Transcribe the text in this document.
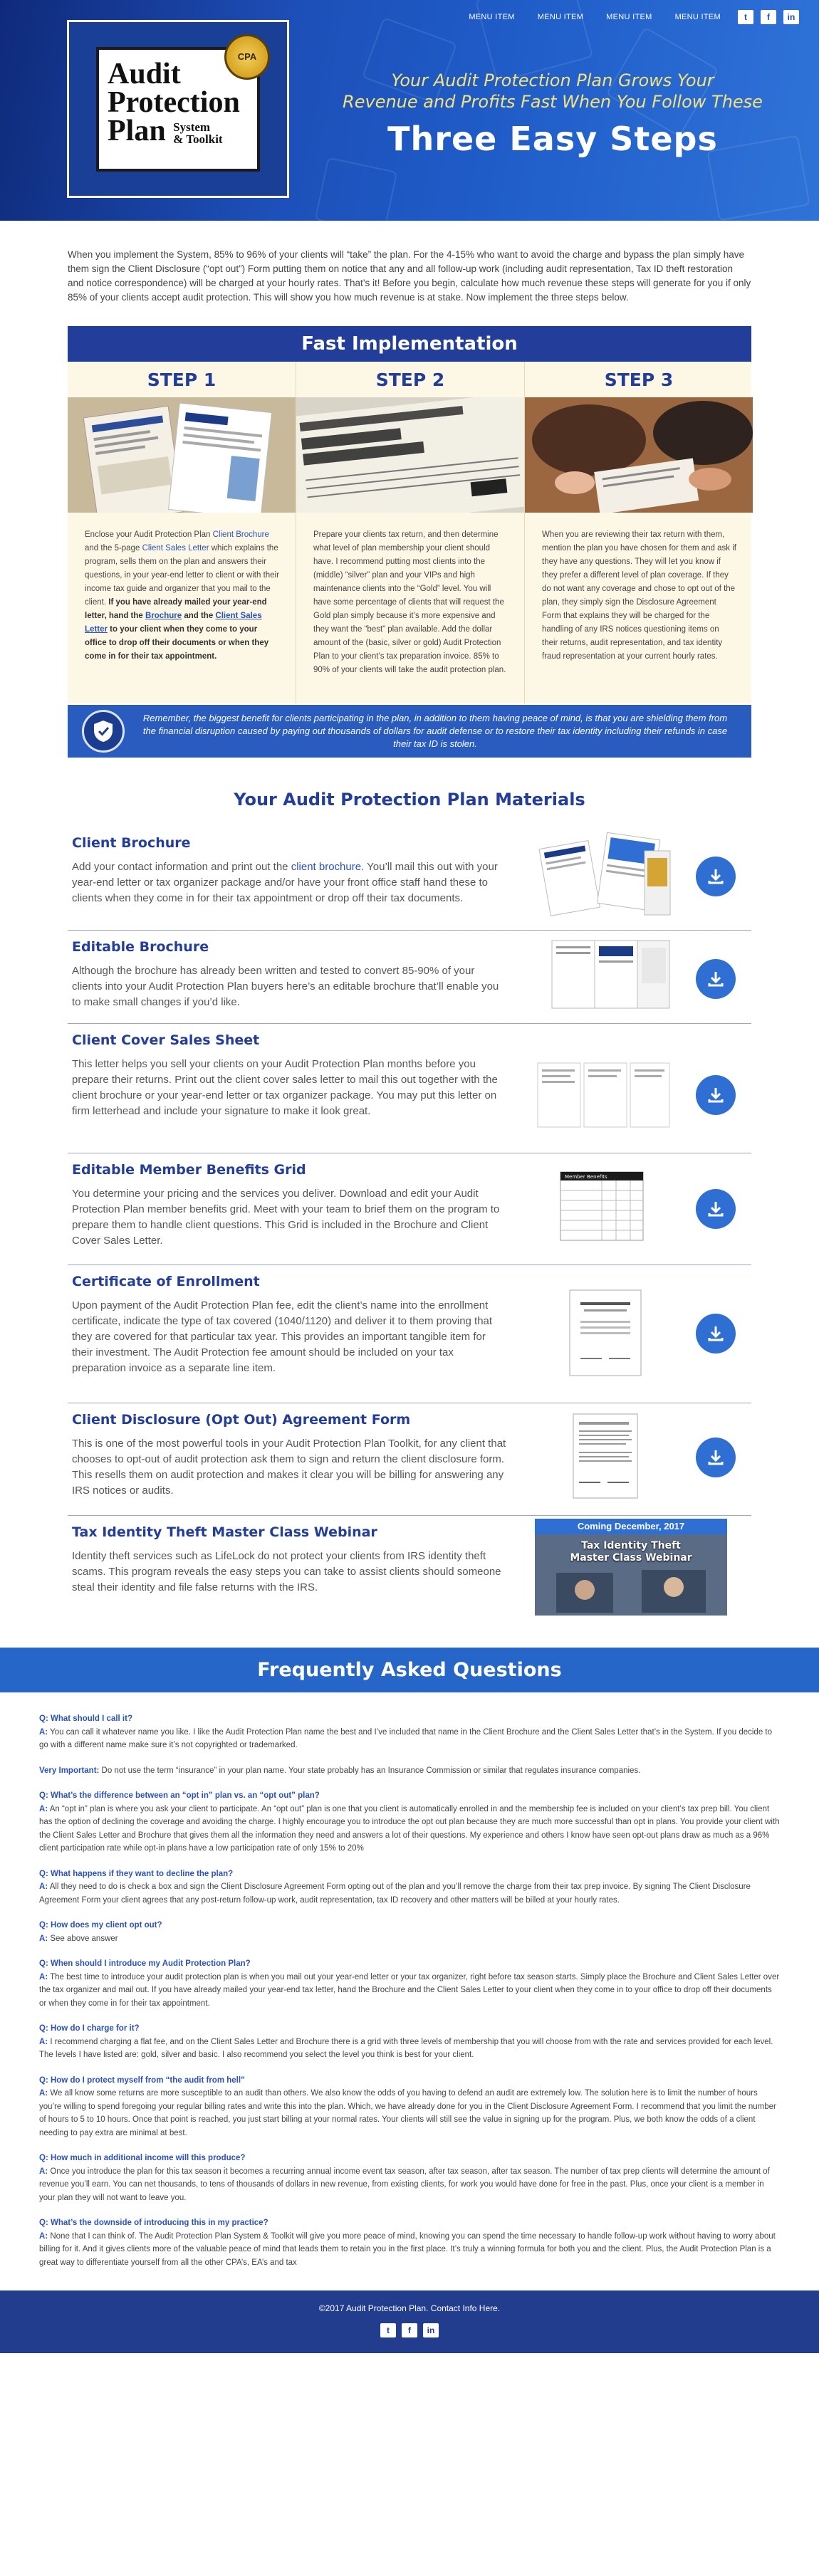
MENU ITEM	MENU ITEM	MENU ITEM	MENU ITEM	t	f	in
Audit
Protection
Plan System
& Toolkit
CPA
Your Audit Protection Plan Grows Your
Revenue and Profits Fast When You Follow These
Three Easy Steps

When you implement the System, 85% to 96% of your clients will “take” the plan. For the 4-15% who want to avoid the charge and bypass the plan simply have them sign the Client Disclosure (“opt out”) Form putting them on notice that any and all follow-up work (including audit representation, Tax ID theft restoration and notice correspondence) will be charged at your hourly rates. That’s it! Before you begin, calculate how much revenue these steps will generate for you if only 85% of your clients accept audit protection. This will show you how much revenue is at stake. Now implement the three steps below.

Fast Implementation
STEP 1
Enclose your Audit Protection Plan Client Brochure and the 5-page Client Sales Letter which explains the program, sells them on the plan and answers their questions, in your year-end letter to client or with their income tax guide and organizer that you mail to the client. If you have already mailed your year-end letter, hand the Brochure and the Client Sales Letter to your client when they come to your office to drop off their documents or when they come in for their tax appointment.
STEP 2
Prepare your clients tax return, and then determine what level of plan membership your client should have. I recommend putting most clients into the (middle) “silver” plan and your VIPs and high maintenance clients into the “Gold” level. You will have some percentage of clients that will request the Gold plan simply because it’s more expensive and they want the “best” plan available. Add the dollar amount of the (basic, silver or gold) Audit Protection Plan to your client’s tax preparation invoice. 85% to 90% of your clients will take the audit protection plan.
STEP 3
When you are reviewing their tax return with them, mention the plan you have chosen for them and ask if they have any questions. They will let you know if they prefer a different level of plan coverage. If they do not want any coverage and chose to opt out of the plan, they simply sign the Disclosure Agreement Form that explains they will be charged for the handling of any IRS notices questioning items on their returns, audit representation, and tax identity fraud representation at your current hourly rates.
Remember, the biggest benefit for clients participating in the plan, in addition to them having peace of mind, is that you are shielding them from the financial disruption caused by paying out thousands of dollars for audit defense or to restore their tax identity including their refunds in case their tax ID is stolen.
Your Audit Protection Plan Materials
Client Brochure

Add your contact information and print out the client brochure. You’ll mail this out with your year-end letter or tax organizer package and/or have your front office staff hand these to clients when they come in for their tax appointment or drop off their tax documents.

Editable Brochure

Although the brochure has already been written and tested to convert 85-90% of your clients into your Audit Protection Plan buyers here’s an editable brochure that’ll enable you to make small changes if you’d like.

Client Cover Sales Sheet

This letter helps you sell your clients on your Audit Protection Plan months before you prepare their returns. Print out the client cover sales letter to mail this out together with the client brochure or your year-end letter or tax organizer package. You may put this letter on firm letterhead and include your signature to make it look great.

Editable Member Benefits Grid

You determine your pricing and the services you deliver. Download and edit your Audit Protection Plan member benefits grid. Meet with your team to brief them on the program to prepare them to handle client questions. This Grid is included in the Brochure and Client Cover Sales Letter.

Member Benefits
Certificate of Enrollment

Upon payment of the Audit Protection Plan fee, edit the client’s name into the enrollment certificate, indicate the type of tax covered (1040/1120) and deliver it to them proving that they are covered for that particular tax year. This provides an important tangible item for their investment. The Audit Protection fee amount should be included on your tax preparation invoice as a separate line item.

Client Disclosure (Opt Out) Agreement Form

This is one of the most powerful tools in your Audit Protection Plan Toolkit, for any client that chooses to opt-out of audit protection ask them to sign and return the client disclosure form. This resells them on audit protection and makes it clear you will be billing for answering any IRS notices or audits.

Tax Identity Theft Master Class Webinar

Identity theft services such as LifeLock do not protect your clients from IRS identity theft scams. This program reveals the easy steps you can take to assist clients should someone steal their identity and file false returns with the IRS.

Coming December, 2017
Tax Identity Theft
Master Class Webinar
Frequently Asked Questions
Q: What should I call it?
A: You can call it whatever name you like. I like the Audit Protection Plan name the best and I’ve included that name in the Client Brochure and the Client Sales Letter that’s in the System. If you decide to go with a different name make sure it’s not copyrighted or trademarked.
Very Important: Do not use the term “insurance” in your plan name. Your state probably has an Insurance Commission or similar that regulates insurance companies.
Q: What’s the difference between an “opt in” plan vs. an “opt out” plan?
A: An “opt in” plan is where you ask your client to participate. An “opt out” plan is one that you client is automatically enrolled in and the membership fee is included on your client’s tax prep bill. You client has the option of declining the coverage and avoiding the charge. I highly encourage you to introduce the opt out plan because they are much more successful than opt in plans. You provide your client with the Client Sales Letter and Brochure that gives them all the information they need and answers a lot of their questions. My experience and others I know have seen opt-out plans draw as much as a 96% client participation rate while opt-in plans have a low participation rate of only 15% to 20%
Q: What happens if they want to decline the plan?
A: All they need to do is check a box and sign the Client Disclosure Agreement Form opting out of the plan and you’ll remove the charge from their tax prep invoice. By signing The Client Disclosure Agreement Form your client agrees that any post-return follow-up work, audit representation, tax ID recovery and other matters will be billed at your hourly rates.
Q: How does my client opt out?
A: See above answer
Q: When should I introduce my Audit Protection Plan?
A: The best time to introduce your audit protection plan is when you mail out your year-end letter or your tax organizer, right before tax season starts. Simply place the Brochure and Client Sales Letter over the tax organizer and mail out. If you have already mailed your year-end tax letter, hand the Brochure and the Client Sales Letter to your client when they come in to your office to drop off their documents or when they come in for their tax appointment.
Q: How do I charge for it?
A: I recommend charging a flat fee, and on the Client Sales Letter and Brochure there is a grid with three levels of membership that you will choose from with the rate and services provided for each level. The levels I have listed are: gold, silver and basic. I also recommend you select the level you think is best for your client.
Q: How do I protect myself from “the audit from hell”
A: We all know some returns are more susceptible to an audit than others. We also know the odds of you having to defend an audit are extremely low. The solution here is to limit the number of hours you’re willing to spend foregoing your regular billing rates and write this into the plan. Which, we have already done for you in the Client Disclosure Agreement Form. I recommend that you limit the number of hours to 5 to 10 hours. Once that point is reached, you just start billing at your normal rates. Your clients will still see the value in signing up for the program. Plus, we both know the odds of a client needing to pay extra are minimal at best.
Q: How much in additional income will this produce?
A: Once you introduce the plan for this tax season it becomes a recurring annual income event tax season, after tax season, after tax season. The number of tax prep clients will determine the amount of revenue you’ll earn. You can net thousands, to tens of thousands of dollars in new revenue, from existing clients, for work you would have done for free in the past. Plus, once your client is a member in your plan they will not want to leave you.
Q: What’s the downside of introducing this in my practice?
A: None that I can think of. The Audit Protection Plan System & Toolkit will give you more peace of mind, knowing you can spend the time necessary to handle follow-up work without having to worry about billing for it. And it gives clients more of the valuable peace of mind that leads them to retain you in the first place. It’s truly a winning formula for both you and the client. Plus, the Audit Protection Plan is a great way to differentiate yourself from all the other CPA’s, EA’s and tax
©2017 Audit Protection Plan. Contact Info Here.
t	f	in
